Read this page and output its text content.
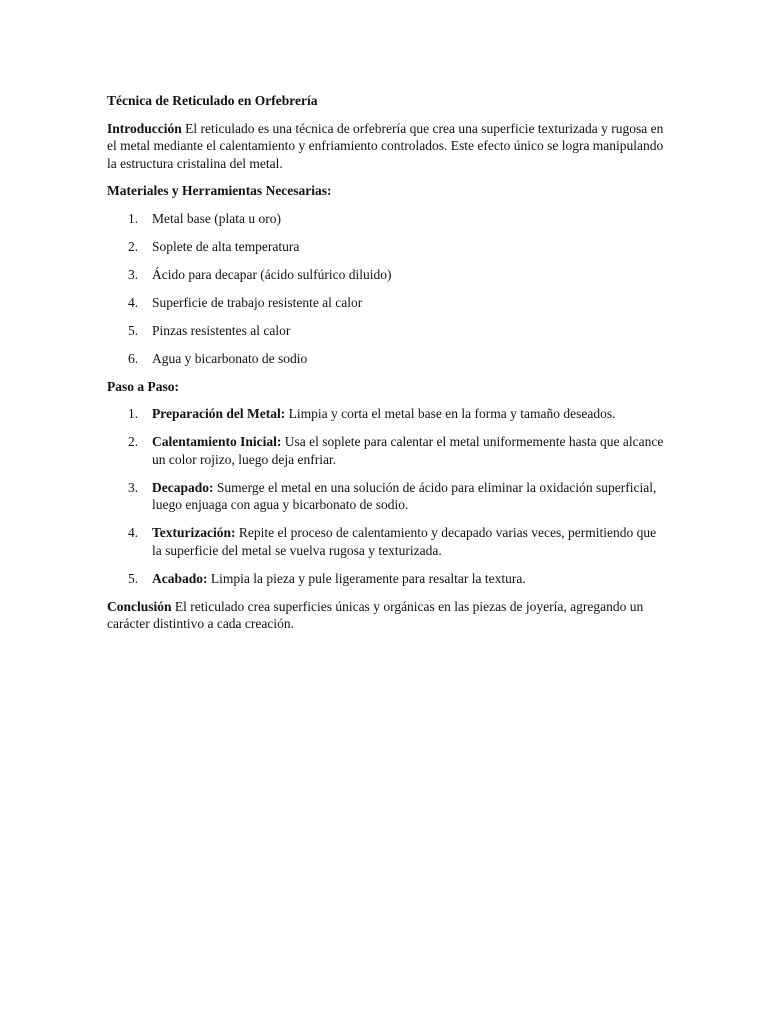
Técnica de Reticulado en Orfebrería

Introducción El reticulado es una técnica de orfebrería que crea una superficie texturizada y rugosa en el metal mediante el calentamiento y enfriamiento controlados. Este efecto único se logra manipulando la estructura cristalina del metal.

Materiales y Herramientas Necesarias:
1. Metal base (plata u oro)
2. Soplete de alta temperatura
3. Ácido para decapar (ácido sulfúrico diluido)
4. Superficie de trabajo resistente al calor
5. Pinzas resistentes al calor
6. Agua y bicarbonato de sodio
Paso a Paso:
1. Preparación del Metal: Limpia y corta el metal base en la forma y tamaño deseados.
2. Calentamiento Inicial: Usa el soplete para calentar el metal uniformemente hasta que alcance un color rojizo, luego deja enfriar.
3. Decapado: Sumerge el metal en una solución de ácido para eliminar la oxidación superficial, luego enjuaga con agua y bicarbonato de sodio.
4. Texturización: Repite el proceso de calentamiento y decapado varias veces, permitiendo que la superficie del metal se vuelva rugosa y texturizada.
5. Acabado: Limpia la pieza y pule ligeramente para resaltar la textura.

Conclusión El reticulado crea superficies únicas y orgánicas en las piezas de joyería, agregando un carácter distintivo a cada creación.
